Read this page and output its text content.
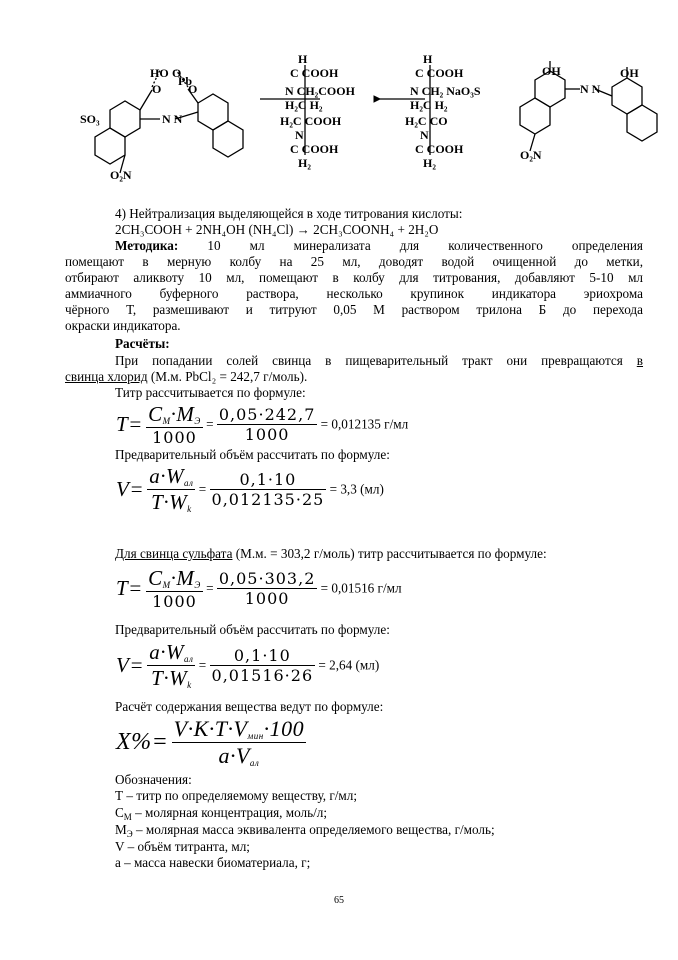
HO O
O O
Pb
SO₃	N N
O₂N
H
C COOH
N CH₂COOH
H₂C H₂
H₂C COOH
N
C COOH
H₂
H
C COOH
N CH₂ NaO₃S
H₂C H₂
H₂C CO
N
C COOH
H₂
OH	OH
N N
O₂N
4) Нейтрализация выделяющейся в ходе титрования кислоты:
2CH₃COOH + 2NH₄OH (NH₄Cl) → 2CH₃COONH₄ + 2H₂O
Методика: 10 мл минерализата для количественного определения
помещают в мерную колбу на 25 мл, доводят водой очищенной до метки,
отбирают аликвоту 10 мл, помещают в колбу для титрования, добавляют 5-10 мл
аммиачного буферного раствора, несколько крупинок индикатора эриохрома
чёрного Т, размешивают и титруют 0,05 М раствором трилона Б до перехода
окраски индикатора.
Расчёты:
При попадании солей свинца в пищеварительный тракт они превращаются в
свинца хлорид (М.м. PbCl₂ = 242,7 г/моль).
Титр рассчитывается по формуле:
$T= \frac{C_M\cdot M_Э}{1000} = \frac{0,05\cdot 242,7}{1000} = 0,012135$ г/мл
Предварительный объём рассчитать по формуле:
$V= \frac{a\cdot W_{ал}}{T\cdot W_k} = \frac{0,1\cdot 10}{0,012135\cdot 25} = 3,3$ (мл)
Для свинца сульфата (М.м. = 303,2 г/моль) титр рассчитывается по формуле:
$T= \frac{C_M\cdot M_Э}{1000} = \frac{0,05\cdot 303,2}{1000} = 0,01516$ г/мл
Предварительный объём рассчитать по формуле:
$V= \frac{a\cdot W_{ал}}{T\cdot W_k} = \frac{0,1\cdot 10}{0,01516\cdot 26} = 2,64$ (мл)
Расчёт содержания вещества ведут по формуле:
$X\%= \frac{V\cdot K\cdot T\cdot V_{мин}\cdot 100}{a\cdot V_{ал}}$
Обозначения:
Т – титр по определяемому веществу, г/мл;
$С_М$ – молярная концентрация, моль/л;
$М_Э$ – молярная масса эквивалента определяемого вещества, г/моль;
V – объём титранта, мл;
а – масса навески биоматериала, г;
65
